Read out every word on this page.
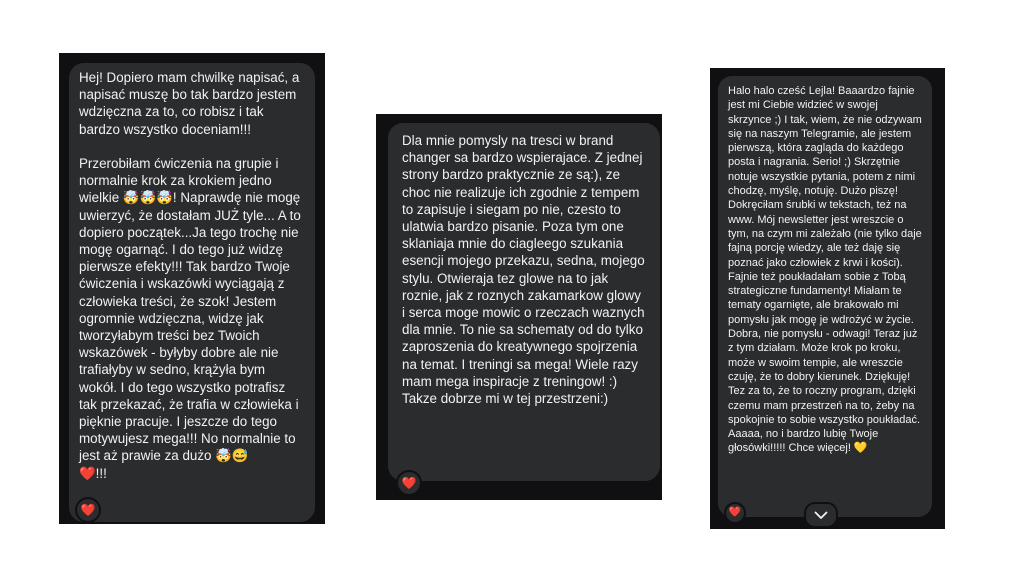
Hej! Dopiero mam chwilkę napisać, a napisać muszę bo tak bardzo jestem wdzięczna za to, co robisz i tak bardzo wszystko doceniam!!!

Przerobiłam ćwiczenia na grupie i normalnie krok za krokiem jedno wielkie 🤯🤯🤯! Naprawdę nie mogę uwierzyć, że dostałam JUŻ tyle... A to dopiero początek...Ja tego trochę nie mogę ogarnąć. I do tego już widzę pierwsze efekty!!! Tak bardzo Twoje ćwiczenia i wskazówki wyciągają z człowieka treści, że szok! Jestem ogromnie wdzięczna, widzę jak tworzyłabym treści bez Twoich wskazówek - byłyby dobre ale nie trafiałyby w sedno, krążyła bym wokół. I do tego wszystko potrafisz tak przekazać, że trafia w człowieka i pięknie pracuje. I jeszcze do tego motywujesz mega!!! No normalnie to jest aż prawie za dużo 🤯😅
❤️!!!
❤️
Dla mnie pomysly na tresci w brand changer sa bardzo wspierajace. Z jednej strony bardzo praktycznie ze są:), ze choc nie realizuje ich zgodnie z tempem to zapisuje i siegam po nie, czesto to ulatwia bardzo pisanie. Poza tym one sklaniaja mnie do ciagleego szukania esencji mojego przekazu, sedna, mojego stylu. Otwieraja tez glowe na to jak roznie, jak z roznych zakamarkow glowy i serca moge mowic o rzeczach waznych dla mnie. To nie sa schematy od do tylko zaproszenia do kreatywnego spojrzenia na temat. I treningi sa mega! Wiele razy mam mega inspiracje z treningow! :)
Takze dobrze mi w tej przestrzeni:)
❤️
Halo halo cześć Lejla! Baaardzo fajnie jest mi Ciebie widzieć w swojej skrzynce ;) I tak, wiem, że nie odzywam się na naszym Telegramie, ale jestem pierwszą, która zagląda do każdego posta i nagrania. Serio! ;) Skrzętnie notuje wszystkie pytania, potem z nimi chodzę, myślę, notuję. Dużo piszę! Dokręciłam śrubki w tekstach, też na www. Mój newsletter jest wreszcie o tym, na czym mi zależało (nie tylko daje fajną porcję wiedzy, ale też daję się poznać jako człowiek z krwi i kości). Fajnie też poukładałam sobie z Tobą strategiczne fundamenty! Miałam te tematy ogarnięte, ale brakowało mi pomysłu jak mogę je wdrożyć w życie. Dobra, nie pomysłu - odwagi! Teraz już z tym działam. Może krok po kroku, może w swoim tempie, ale wreszcie czuję, że to dobry kierunek. Dziękuję! Tez za to, że to roczny program, dzięki czemu mam przestrzeń na to, żeby na spokojnie to sobie wszystko poukładać. Aaaaa, no i bardzo lubię Twoje głosówki!!!!! Chce więcej! 💛
❤️
